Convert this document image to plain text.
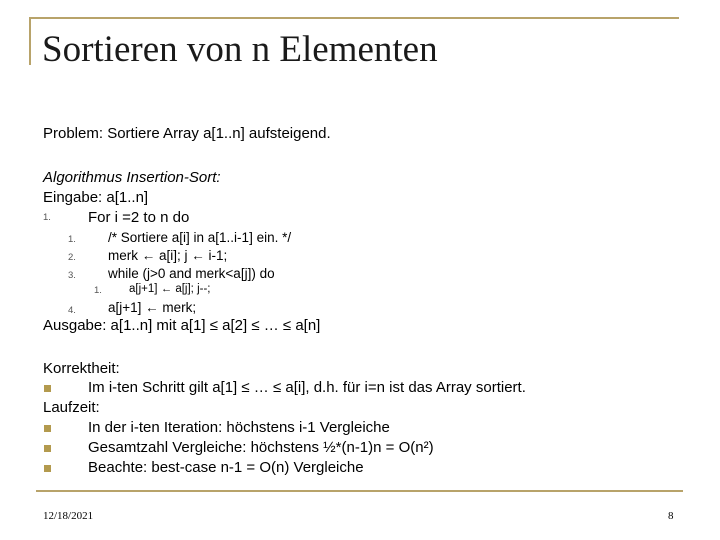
Sortieren von n Elementen
Problem: Sortiere Array a[1..n] aufsteigend.
Algorithmus Insertion-Sort:
Eingabe: a[1..n]
1. For i =2 to n do
1. /* Sortiere a[i] in a[1..i-1] ein. */
2. merk ← a[i]; j ← i-1;
3. while (j>0 and merk<a[j]) do
1. a[j+1] ← a[j]; j--;
4. a[j+1] ← merk;
Ausgabe: a[1..n] mit a[1] ≤ a[2] ≤ … ≤ a[n]
Korrektheit:
Im i-ten Schritt gilt a[1] ≤ … ≤ a[i], d.h. für i=n ist das Array sortiert.
Laufzeit:
In der i-ten Iteration: höchstens i-1 Vergleiche
Gesamtzahl Vergleiche: höchstens ½*(n-1)n = O(n²)
Beachte: best-case n-1 = O(n) Vergleiche
12/18/2021	8
